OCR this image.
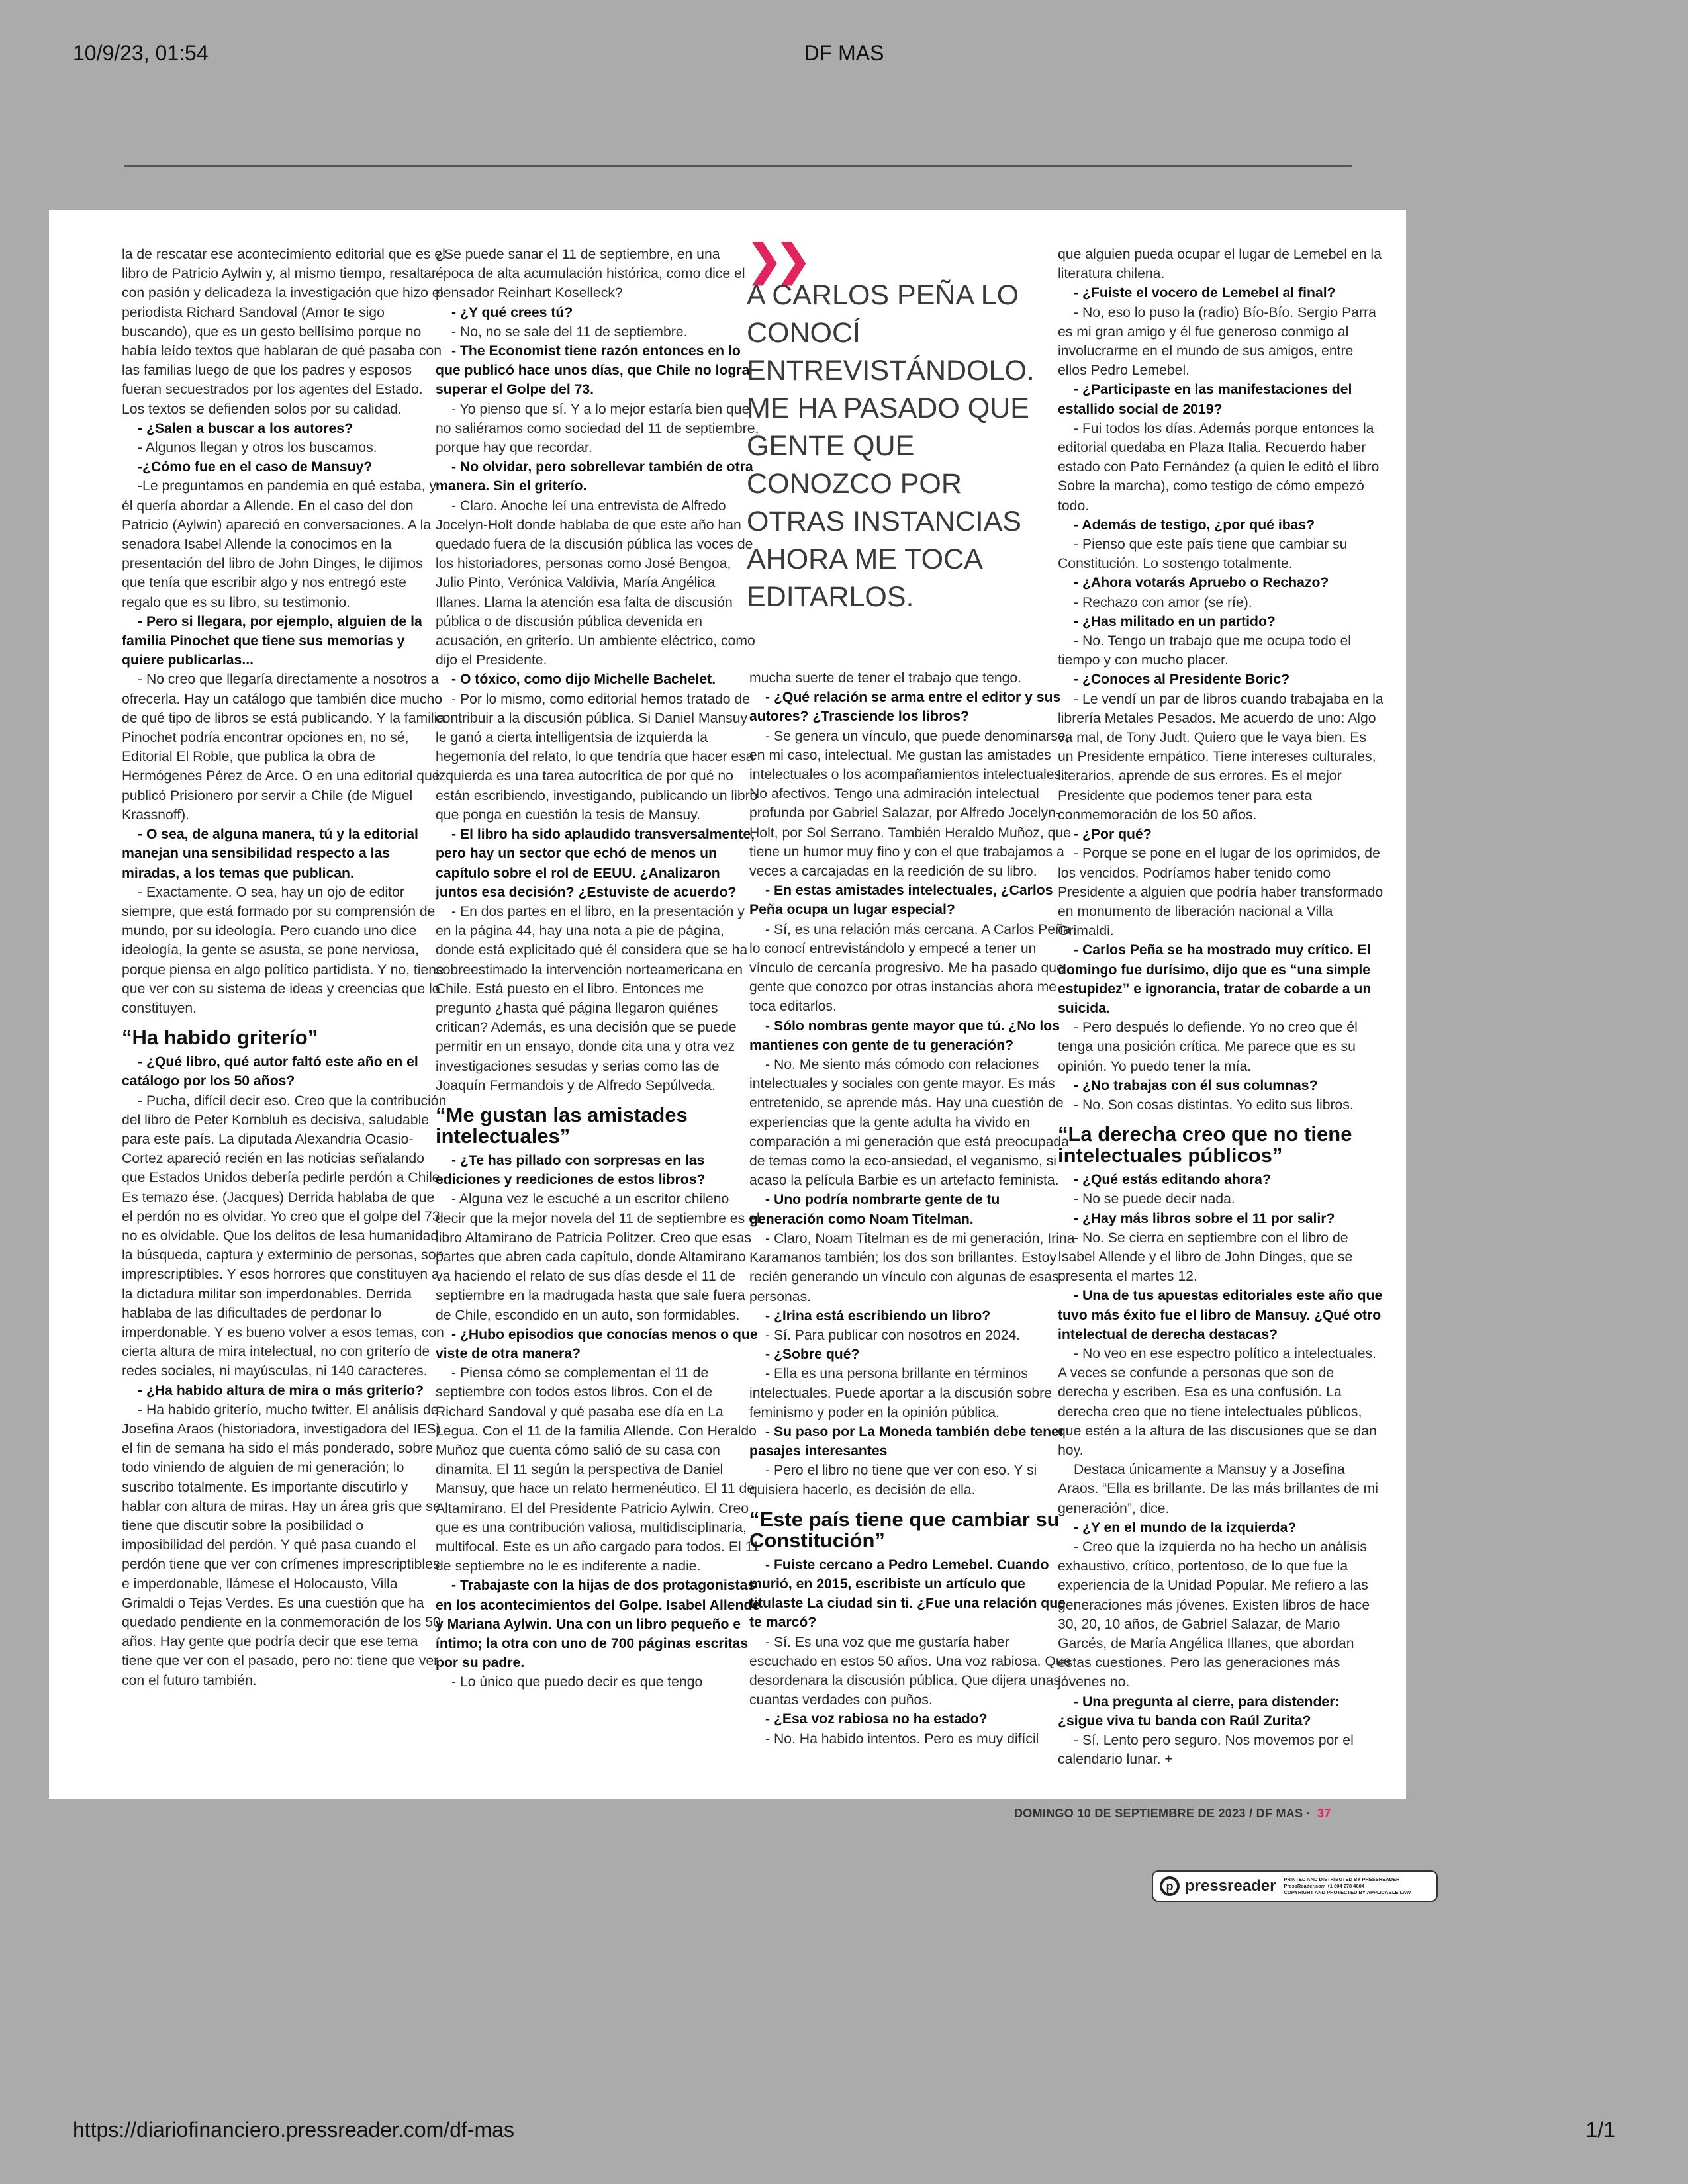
10/9/23, 01:54	DF MAS

la de rescatar ese acontecimiento editorial que es el libro de Patricio Aylwin y, al mismo tiempo, resaltar con pasión y delicadeza la investigación que hizo el periodista Richard Sandoval (Amor te sigo buscando), que es un gesto bellísimo porque no había leído textos que hablaran de qué pasaba con las familias luego de que los padres y esposos fueran secuestrados por los agentes del Estado. Los textos se defienden solos por su calidad.

- ¿Salen a buscar a los autores?

- Algunos llegan y otros los buscamos.

-¿Cómo fue en el caso de Mansuy?

-Le preguntamos en pandemia en qué estaba, y él quería abordar a Allende. En el caso del don Patricio (Aylwin) apareció en conversaciones. A la senadora Isabel Allende la conocimos en la presentación del libro de John Dinges, le dijimos que tenía que escribir algo y nos entregó este regalo que es su libro, su testimonio.

- Pero si llegara, por ejemplo, alguien de la familia Pinochet que tiene sus memorias y quiere publicarlas...

- No creo que llegaría directamente a nosotros a ofrecerla. Hay un catálogo que también dice mucho de qué tipo de libros se está publicando. Y la familia Pinochet podría encontrar opciones en, no sé, Editorial El Roble, que publica la obra de Hermógenes Pérez de Arce. O en una editorial que publicó Prisionero por servir a Chile (de Miguel Krassnoff).

- O sea, de alguna manera, tú y la editorial manejan una sensibilidad respecto a las miradas, a los temas que publican.

- Exactamente. O sea, hay un ojo de editor siempre, que está formado por su comprensión de mundo, por su ideología. Pero cuando uno dice ideología, la gente se asusta, se pone nerviosa, porque piensa en algo político partidista. Y no, tiene que ver con su sistema de ideas y creencias que lo constituyen.

“Ha habido griterío”

- ¿Qué libro, qué autor faltó este año en el catálogo por los 50 años?

- Pucha, difícil decir eso. Creo que la contribución del libro de Peter Kornbluh es decisiva, saludable para este país. La diputada Alexandria Ocasio-Cortez apareció recién en las noticias señalando que Estados Unidos debería pedirle perdón a Chile. Es temazo ése. (Jacques) Derrida hablaba de que el perdón no es olvidar. Yo creo que el golpe del 73 no es olvidable. Que los delitos de lesa humanidad, la búsqueda, captura y exterminio de personas, son imprescriptibles. Y esos horrores que constituyen a la dictadura militar son imperdonables. Derrida hablaba de las dificultades de perdonar lo imperdonable. Y es bueno volver a esos temas, con cierta altura de mira intelectual, no con griterío de redes sociales, ni mayúsculas, ni 140 caracteres.

- ¿Ha habido altura de mira o más griterío?

- Ha habido griterío, mucho twitter. El análisis de Josefina Araos (historiadora, investigadora del IES) el fin de semana ha sido el más ponderado, sobre todo viniendo de alguien de mi generación; lo suscribo totalmente. Es importante discutirlo y hablar con altura de miras. Hay un área gris que se tiene que discutir sobre la posibilidad o imposibilidad del perdón. Y qué pasa cuando el perdón tiene que ver con crímenes imprescriptibles e imperdonable, llámese el Holocausto, Villa Grimaldi o Tejas Verdes. Es una cuestión que ha quedado pendiente en la conmemoración de los 50 años. Hay gente que podría decir que ese tema tiene que ver con el pasado, pero no: tiene que ver con el futuro también.

¿Se puede sanar el 11 de septiembre, en una época de alta acumulación histórica, como dice el pensador Reinhart Koselleck?

- ¿Y qué crees tú?

- No, no se sale del 11 de septiembre.

- The Economist tiene razón entonces en lo que publicó hace unos días, que Chile no logra superar el Golpe del 73.

- Yo pienso que sí. Y a lo mejor estaría bien que no saliéramos como sociedad del 11 de septiembre, porque hay que recordar.

- No olvidar, pero sobrellevar también de otra manera. Sin el griterío.

- Claro. Anoche leí una entrevista de Alfredo Jocelyn-Holt donde hablaba de que este año han quedado fuera de la discusión pública las voces de los historiadores, personas como José Bengoa, Julio Pinto, Verónica Valdivia, María Angélica Illanes. Llama la atención esa falta de discusión pública o de discusión pública devenida en acusación, en griterío. Un ambiente eléctrico, como dijo el Presidente.

- O tóxico, como dijo Michelle Bachelet.

- Por lo mismo, como editorial hemos tratado de contribuir a la discusión pública. Si Daniel Mansuy le ganó a cierta intelligentsia de izquierda la hegemonía del relato, lo que tendría que hacer esa izquierda es una tarea autocrítica de por qué no están escribiendo, investigando, publicando un libro que ponga en cuestión la tesis de Mansuy.

- El libro ha sido aplaudido transversalmente, pero hay un sector que echó de menos un capítulo sobre el rol de EEUU. ¿Analizaron juntos esa decisión? ¿Estuviste de acuerdo?

- En dos partes en el libro, en la presentación y en la página 44, hay una nota a pie de página, donde está explicitado qué él considera que se ha sobreestimado la intervención norteamericana en Chile. Está puesto en el libro. Entonces me pregunto ¿hasta qué página llegaron quiénes critican? Además, es una decisión que se puede permitir en un ensayo, donde cita una y otra vez investigaciones sesudas y serias como las de Joaquín Fermandois y de Alfredo Sepúlveda.

“Me gustan las amistades intelectuales”

- ¿Te has pillado con sorpresas en las ediciones y reediciones de estos libros?

- Alguna vez le escuché a un escritor chileno decir que la mejor novela del 11 de septiembre es el libro Altamirano de Patricia Politzer. Creo que esas partes que abren cada capítulo, donde Altamirano va haciendo el relato de sus días desde el 11 de septiembre en la madrugada hasta que sale fuera de Chile, escondido en un auto, son formidables.

- ¿Hubo episodios que conocías menos o que viste de otra manera?

- Piensa cómo se complementan el 11 de septiembre con todos estos libros. Con el de Richard Sandoval y qué pasaba ese día en La Legua. Con el 11 de la familia Allende. Con Heraldo Muñoz que cuenta cómo salió de su casa con dinamita. El 11 según la perspectiva de Daniel Mansuy, que hace un relato hermenéutico. El 11 de Altamirano. El del Presidente Patricio Aylwin. Creo que es una contribución valiosa, multidisciplinaria, multifocal. Este es un año cargado para todos. El 11 de septiembre no le es indiferente a nadie.

- Trabajaste con la hijas de dos protagonistas en los acontecimientos del Golpe. Isabel Allende y Mariana Aylwin. Una con un libro pequeño e íntimo; la otra con uno de 700 páginas escritas por su padre.

- Lo único que puedo decir es que tengo

❯❯

A CARLOS PEÑA LO CONOCÍ ENTREVISTÁNDOLO. ME HA PASADO QUE GENTE QUE CONOZCO POR OTRAS INSTANCIAS AHORA ME TOCA EDITARLOS.

mucha suerte de tener el trabajo que tengo.

- ¿Qué relación se arma entre el editor y sus autores? ¿Trasciende los libros?

- Se genera un vínculo, que puede denominarse, en mi caso, intelectual. Me gustan las amistades intelectuales o los acompañamientos intelectuales. No afectivos. Tengo una admiración intelectual profunda por Gabriel Salazar, por Alfredo Jocelyn-Holt, por Sol Serrano. También Heraldo Muñoz, que tiene un humor muy fino y con el que trabajamos a veces a carcajadas en la reedición de su libro.

- En estas amistades intelectuales, ¿Carlos Peña ocupa un lugar especial?

- Sí, es una relación más cercana. A Carlos Peña lo conocí entrevistándolo y empecé a tener un vínculo de cercanía progresivo. Me ha pasado que gente que conozco por otras instancias ahora me toca editarlos.

- Sólo nombras gente mayor que tú. ¿No los mantienes con gente de tu generación?

- No. Me siento más cómodo con relaciones intelectuales y sociales con gente mayor. Es más entretenido, se aprende más. Hay una cuestión de experiencias que la gente adulta ha vivido en comparación a mi generación que está preocupada de temas como la eco-ansiedad, el veganismo, si acaso la película Barbie es un artefacto feminista.

- Uno podría nombrarte gente de tu generación como Noam Titelman.

- Claro, Noam Titelman es de mi generación, Irina Karamanos también; los dos son brillantes. Estoy recién generando un vínculo con algunas de esas personas.

- ¿Irina está escribiendo un libro?

- Sí. Para publicar con nosotros en 2024.

- ¿Sobre qué?

- Ella es una persona brillante en términos intelectuales. Puede aportar a la discusión sobre feminismo y poder en la opinión pública.

- Su paso por La Moneda también debe tener pasajes interesantes

- Pero el libro no tiene que ver con eso. Y si quisiera hacerlo, es decisión de ella.

“Este país tiene que cambiar su Constitución”

- Fuiste cercano a Pedro Lemebel. Cuando murió, en 2015, escribiste un artículo que titulaste La ciudad sin ti. ¿Fue una relación que te marcó?

- Sí. Es una voz que me gustaría haber escuchado en estos 50 años. Una voz rabiosa. Que desordenara la discusión pública. Que dijera unas cuantas verdades con puños.

- ¿Esa voz rabiosa no ha estado?

- No. Ha habido intentos. Pero es muy difícil

que alguien pueda ocupar el lugar de Lemebel en la literatura chilena.

- ¿Fuiste el vocero de Lemebel al final?

- No, eso lo puso la (radio) Bío-Bío. Sergio Parra es mi gran amigo y él fue generoso conmigo al involucrarme en el mundo de sus amigos, entre ellos Pedro Lemebel.

- ¿Participaste en las manifestaciones del estallido social de 2019?

- Fui todos los días. Además porque entonces la editorial quedaba en Plaza Italia. Recuerdo haber estado con Pato Fernández (a quien le editó el libro Sobre la marcha), como testigo de cómo empezó todo.

- Además de testigo, ¿por qué ibas?

- Pienso que este país tiene que cambiar su Constitución. Lo sostengo totalmente.

- ¿Ahora votarás Apruebo o Rechazo?

- Rechazo con amor (se ríe).

- ¿Has militado en un partido?

- No. Tengo un trabajo que me ocupa todo el tiempo y con mucho placer.

- ¿Conoces al Presidente Boric?

- Le vendí un par de libros cuando trabajaba en la librería Metales Pesados. Me acuerdo de uno: Algo va mal, de Tony Judt. Quiero que le vaya bien. Es un Presidente empático. Tiene intereses culturales, literarios, aprende de sus errores. Es el mejor Presidente que podemos tener para esta conmemoración de los 50 años.

- ¿Por qué?

- Porque se pone en el lugar de los oprimidos, de los vencidos. Podríamos haber tenido como Presidente a alguien que podría haber transformado en monumento de liberación nacional a Villa Grimaldi.

- Carlos Peña se ha mostrado muy crítico. El domingo fue durísimo, dijo que es “una simple estupidez” e ignorancia, tratar de cobarde a un suicida.

- Pero después lo defiende. Yo no creo que él tenga una posición crítica. Me parece que es su opinión. Yo puedo tener la mía.

- ¿No trabajas con él sus columnas?

- No. Son cosas distintas. Yo edito sus libros.

“La derecha creo que no tiene intelectuales públicos”

- ¿Qué estás editando ahora?

- No se puede decir nada.

- ¿Hay más libros sobre el 11 por salir?

- No. Se cierra en septiembre con el libro de Isabel Allende y el libro de John Dinges, que se presenta el martes 12.

- Una de tus apuestas editoriales este año que tuvo más éxito fue el libro de Mansuy. ¿Qué otro intelectual de derecha destacas?

- No veo en ese espectro político a intelectuales. A veces se confunde a personas que son de derecha y escriben. Esa es una confusión. La derecha creo que no tiene intelectuales públicos, que estén a la altura de las discusiones que se dan hoy.

Destaca únicamente a Mansuy y a Josefina Araos. “Ella es brillante. De las más brillantes de mi generación”, dice.

- ¿Y en el mundo de la izquierda?

- Creo que la izquierda no ha hecho un análisis exhaustivo, crítico, portentoso, de lo que fue la experiencia de la Unidad Popular. Me refiero a las generaciones más jóvenes. Existen libros de hace 30, 20, 10 años, de Gabriel Salazar, de Mario Garcés, de María Angélica Illanes, que abordan estas cuestiones. Pero las generaciones más jóvenes no.

- Una pregunta al cierre, para distender: ¿sigue viva tu banda con Raúl Zurita?

- Sí. Lento pero seguro. Nos movemos por el calendario lunar. +

DOMINGO 10 DE SEPTIEMBRE DE 2023 / DF MAS · 37
p pressreader PRINTED AND DISTRIBUTED BY PRESSREADER
PressReader.com +1 604 278 4604
COPYRIGHT AND PROTECTED BY APPLICABLE LAW
https://diariofinanciero.pressreader.com/df-mas	1/1
